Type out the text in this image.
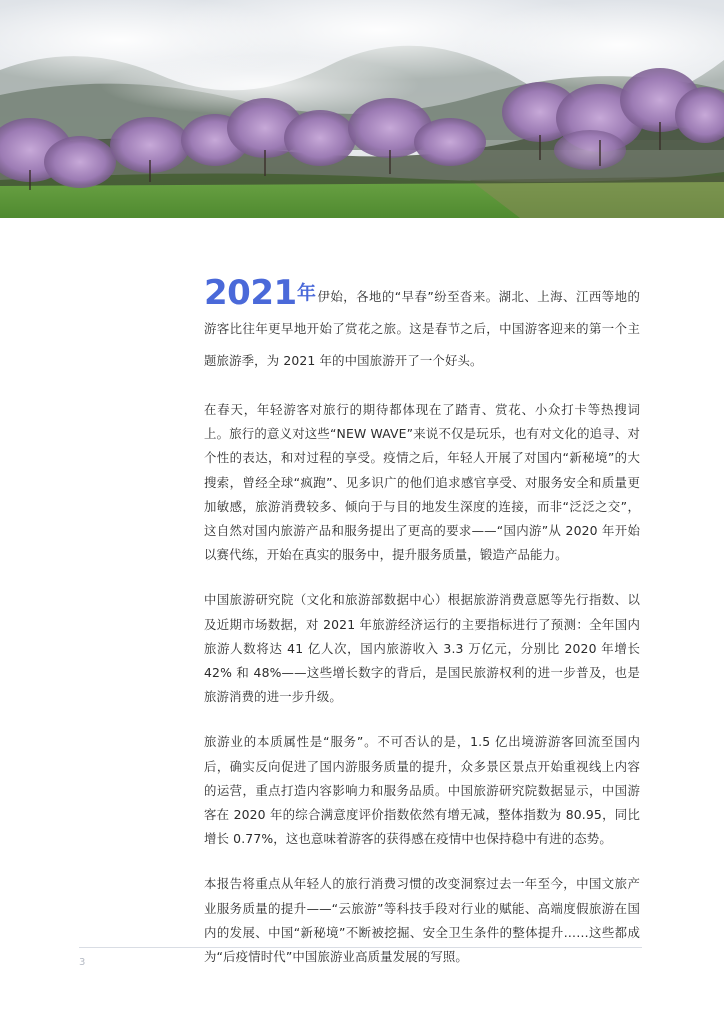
2021年伊始，各地的“早春”纷至沓来。湖北、上海、江西等地的游客比往年更早地开始了赏花之旅。这是春节之后，中国游客迎来的第一个主题旅游季，为 2021 年的中国旅游开了一个好头。

在春天，年轻游客对旅行的期待都体现在了踏青、赏花、小众打卡等热搜词上。旅行的意义对这些“NEW WAVE”来说不仅是玩乐，也有对文化的追寻、对个性的表达，和对过程的享受。疫情之后，年轻人开展了对国内“新秘境”的大搜索，曾经全球“疯跑”、见多识广的他们追求感官享受、对服务安全和质量更加敏感，旅游消费较多、倾向于与目的地发生深度的连接，而非“泛泛之交”，这自然对国内旅游产品和服务提出了更高的要求——“国内游”从 2020 年开始以赛代练，开始在真实的服务中，提升服务质量，锻造产品能力。

中国旅游研究院（文化和旅游部数据中心）根据旅游消费意愿等先行指数、以及近期市场数据，对 2021 年旅游经济运行的主要指标进行了预测：全年国内旅游人数将达 41 亿人次，国内旅游收入 3.3 万亿元，分别比 2020 年增长 42% 和 48%——这些增长数字的背后，是国民旅游权利的进一步普及，也是旅游消费的进一步升级。

旅游业的本质属性是“服务”。不可否认的是，1.5 亿出境游游客回流至国内后，确实反向促进了国内游服务质量的提升，众多景区景点开始重视线上内容的运营，重点打造内容影响力和服务品质。中国旅游研究院数据显示，中国游客在 2020 年的综合满意度评价指数依然有增无减，整体指数为 80.95，同比增长 0.77%，这也意味着游客的获得感在疫情中也保持稳中有进的态势。

本报告将重点从年轻人的旅行消费习惯的改变洞察过去一年至今，中国文旅产业服务质量的提升——“云旅游”等科技手段对行业的赋能、高端度假旅游在国内的发展、中国“新秘境”不断被挖掘、安全卫生条件的整体提升……这些都成为“后疫情时代”中国旅游业高质量发展的写照。

3
